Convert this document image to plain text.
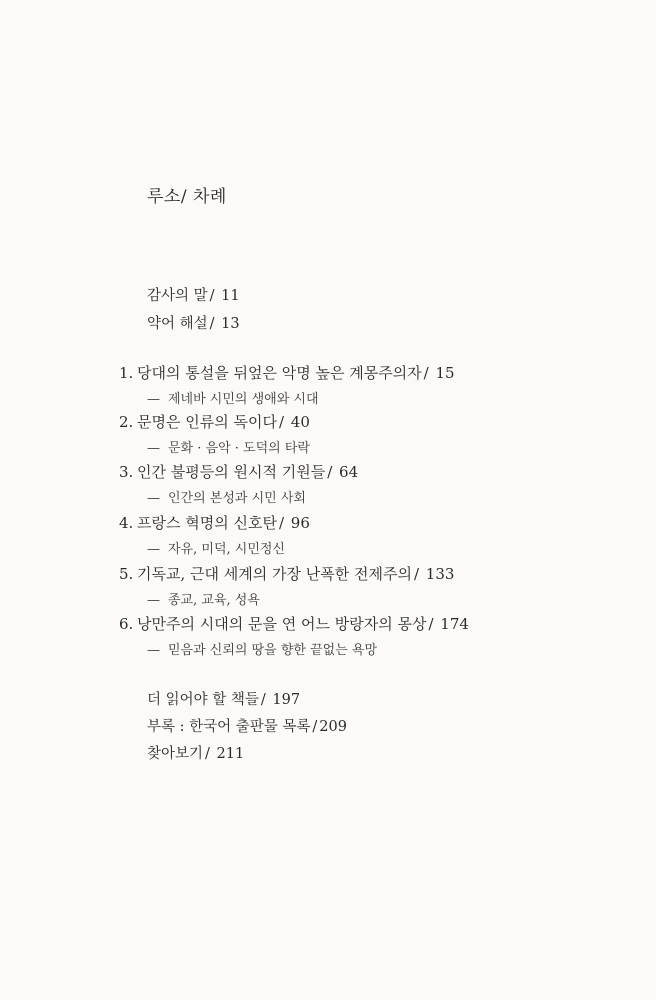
루소/ 차례
감사의 말 / 11
약어 해설 / 13
1. 당대의 통설을 뒤엎은 악명 높은 계몽주의자 / 15
— 제네바 시민의 생애와 시대
2. 문명은 인류의 독이다 / 40
— 문화 · 음악 · 도덕의 타락
3. 인간 불평등의 원시적 기원들 / 64
— 인간의 본성과 시민 사회
4. 프랑스 혁명의 신호탄 / 96
— 자유, 미덕, 시민정신
5. 기독교, 근대 세계의 가장 난폭한 전제주의 / 133
— 종교, 교육, 성욕
6. 낭만주의 시대의 문을 연 어느 방랑자의 몽상 / 174
— 믿음과 신뢰의 땅을 향한 끝없는 욕망
더 읽어야 할 책들 / 197
부록 : 한국어 출판물 목록 / 209
찾아보기 / 211
